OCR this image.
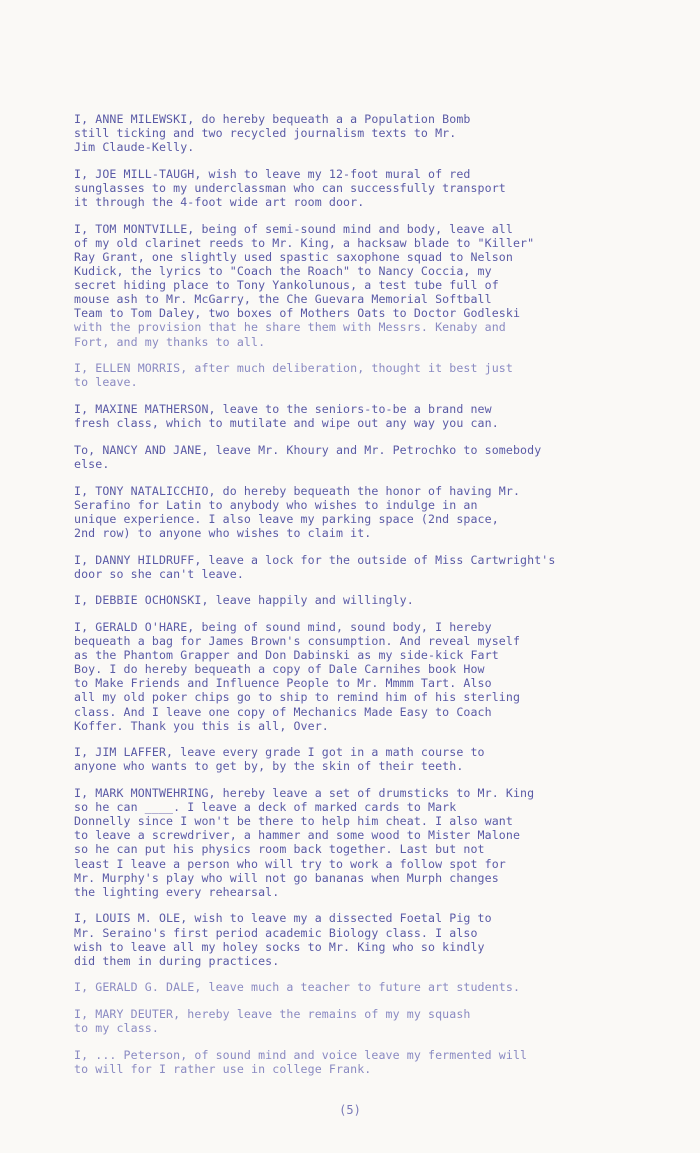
I, ANNE MILEWSKI, do hereby bequeath a a Population Bomb
still ticking and two recycled journalism texts to Mr.
Jim Claude-Kelly.
I, JOE MILL-TAUGH, wish to leave my 12-foot mural of red
sunglasses to my underclassman who can successfully transport
it through the 4-foot wide art room door.
I, TOM MONTVILLE, being of semi-sound mind and body, leave all
of my old clarinet reeds to Mr. King, a hacksaw blade to "Killer"
Ray Grant, one slightly used spastic saxophone squad to Nelson
Kudick, the lyrics to "Coach the Roach" to Nancy Coccia, my
secret hiding place to Tony Yankolunous, a test tube full of
mouse ash to Mr. McGarry, the Che Guevara Memorial Softball
Team to Tom Daley, two boxes of Mothers Oats to Doctor Godleski
with the provision that he share them with Messrs. Kenaby and
Fort, and my thanks to all.
I, ELLEN MORRIS, after much deliberation, thought it best just
to leave.
I, MAXINE MATHERSON, leave to the seniors-to-be a brand new
fresh class, which to mutilate and wipe out any way you can.
To, NANCY AND JANE, leave Mr. Khoury and Mr. Petrochko to somebody
else.
I, TONY NATALICCHIO, do hereby bequeath the honor of having Mr.
Serafino for Latin to anybody who wishes to indulge in an
unique experience. I also leave my parking space (2nd space,
2nd row) to anyone who wishes to claim it.
I, DANNY HILDRUFF, leave a lock for the outside of Miss Cartwright's
door so she can't leave.
I, DEBBIE OCHONSKI, leave happily and willingly.
I, GERALD O'HARE, being of sound mind, sound body, I hereby
bequeath a bag for James Brown's consumption. And reveal myself
as the Phantom Grapper and Don Dabinski as my side-kick Fart
Boy. I do hereby bequeath a copy of Dale Carnihes book How
to Make Friends and Influence People to Mr. Mmmm Tart. Also
all my old poker chips go to ship to remind him of his sterling
class. And I leave one copy of Mechanics Made Easy to Coach
Koffer. Thank you this is all, Over.
I, JIM LAFFER, leave every grade I got in a math course to
anyone who wants to get by, by the skin of their teeth.
I, MARK MONTWEHRING, hereby leave a set of drumsticks to Mr. King
so he can ____. I leave a deck of marked cards to Mark
Donnelly since I won't be there to help him cheat. I also want
to leave a screwdriver, a hammer and some wood to Mister Malone
so he can put his physics room back together. Last but not
least I leave a person who will try to work a follow spot for
Mr. Murphy's play who will not go bananas when Murph changes
the lighting every rehearsal.
I, LOUIS M. OLE, wish to leave my a dissected Foetal Pig to
Mr. Seraino's first period academic Biology class. I also
wish to leave all my holey socks to Mr. King who so kindly
did them in during practices.
I, GERALD G. DALE, leave much a teacher to future art students.
I, MARY DEUTER, hereby leave the remains of my my squash
to my class.
I, ... Peterson, of sound mind and voice leave my fermented will
to will for I rather use in college Frank.
(5)
